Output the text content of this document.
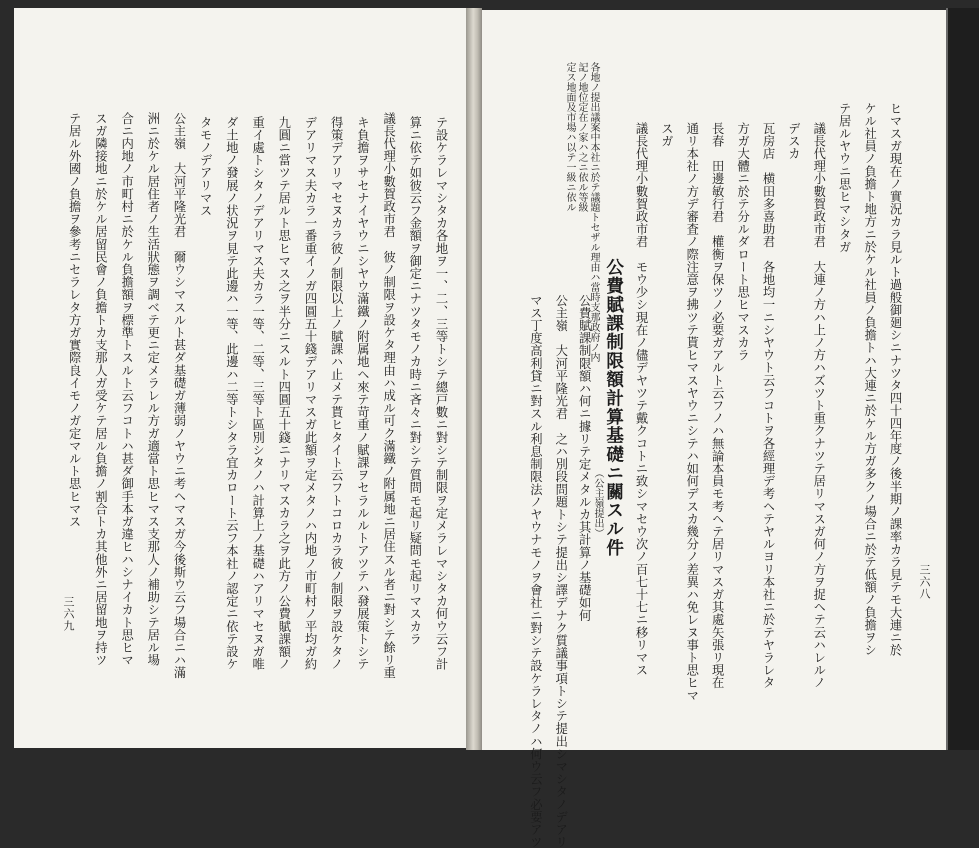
テ設ケラレマシタカ各地ヲ一、二、三等トシテ總戸數ニ對シテ制限ヲ定メラレマシタカ何ウ云フ計
算ニ依テ如彼云フ金額ヲ御定ニナツタモノカ時ニ吝々ニ對シテ質問モ起リ疑問モ起リマスカラ
議長代理小數賀政市君　彼ノ制限ヲ設ケタ理由ハ成ル可ク滿鐵ノ附属地ニ居住スル者ニ對シテ餘リ重
キ負擔ヲサセナイヤウニシヤウ滿鐵ノ附属地ヘ來テ苛重ノ賦課ヲセラルルトアツテハ發展策トシテ
得策デアリマセヌカラ彼ノ制限以上ノ賦課ハ止メテ貰ヒタイト云フトコロカラ彼ノ制限ヲ設ケタノ
デアリマス夫カラ一番重イノガ四圓五十錢デアリマスガ此額ヲ定メタノハ内地ノ市町村ノ平均ガ約
九圓ニ當ツテ居ルト思ヒマス之ヲ半分ニスルト四圓五十錢ニナリマスカラ之ヲ此方ノ公費賦課額ノ
重イ處トシタノデアリマス夫カラ一等、二等、三等ト區別シタノハ計算上ノ基礎ハアリマセヌガ唯
ダ土地ノ發展ノ状況ヲ見テ此邊ハ一等、此邊ハ二等トシタラ宜カロート云フ本社ノ認定ニ依テ設ケ
タモノデアリマス
公主嶺　大河平隆光君　爾ウシマスルト甚ダ基礎ガ薄弱ノヤウニ考ヘマスガ今後斯ウ云フ場合ニハ滿
洲ニ於ケル居住者ノ生活狀態ヲ調ベテ更ニ定メラレル方ガ適當ト思ヒマス支那人ノ補助シテ居ル場
合ニ内地ノ市町村ニ於ケル負擔額ヲ標準トスルト云フコトハ甚ダ御手本ガ違ヒハシナイカト思ヒマ
スガ隣接地ニ於ケル居留民會ノ負擔トカ支那人ガ受ケテ居ル負擔ノ割合トカ其他外ニ居留地ヲ持ツ
テ居ル外國ノ負擔ヲ參考ニセラレタ方ガ實際良イモノガ定マルト思ヒマス
三六九	ヒマスガ現在ノ實況カラ見ルト過般御廻シニナツタ四十四年度ノ後半期ノ課率カラ見テモ大連ニ於
ケル社員ノ負擔ト地方ニ於ケル社員ノ負擔トハ大連ニ於ケル方ガ多クノ場合ニ於テ低額ノ負擔ヲシ
テ居ルヤウニ思ヒマシタガ
議長代理小數賀政市君　大連ノ方ハ上ノ方ハズツト重クナツテ居リマスガ何ノ方ヲ捉ヘテ云ハレルノ
デスカ
瓦房店　横田多喜助君　各地均一ニシヤウト云フコトヲ各經理デ考ヘテヤルヨリ本社ニ於テヤラレタ
方ガ大體ニ於テ分ルダロート思ヒマスカラ
長春　田邊敏行君　權衡ヲ保ツノ必要ガアルト云フノハ無論本員モ考ヘテ居リマスガ其處矢張リ現在
通リ本社ノ方デ審査ノ際注意ヲ拂ツテ貰ヒマスヤウニシテハ如何デスカ幾分ノ差異ハ免レヌ事ト思ヒマ
スガ
議長代理小數賀政市君　モウ少シ現在ノ儘デヤツテ戴クコトニ致シマセウ次ノ百七十七ニ移リマス
公費賦課制限額計算基礎ニ關スル件
公費賦課制限額ハ何ニ據リテ定メタルカ其計算ノ基礎如何
公主嶺　大河平隆光君　之ハ別段問題トシテ提出シ譯デナク質議事項トシテ提出シマシタノデアリ
マス丁度高利貸ニ對スル利息制限法ノヤウナモノヲ會社ニ對シテ設ケラレタノハ何ウ云フ必要アツ
各地ノ提出議案中本社ニ於テ議題トセザル理由ハ當時支那政府ノ内
記ノ地位定在ノ家ハ之ニ依ル等級
定ス地面及市場ハ以テ一級ニ依ル
（公主嶺提出）
三六八
